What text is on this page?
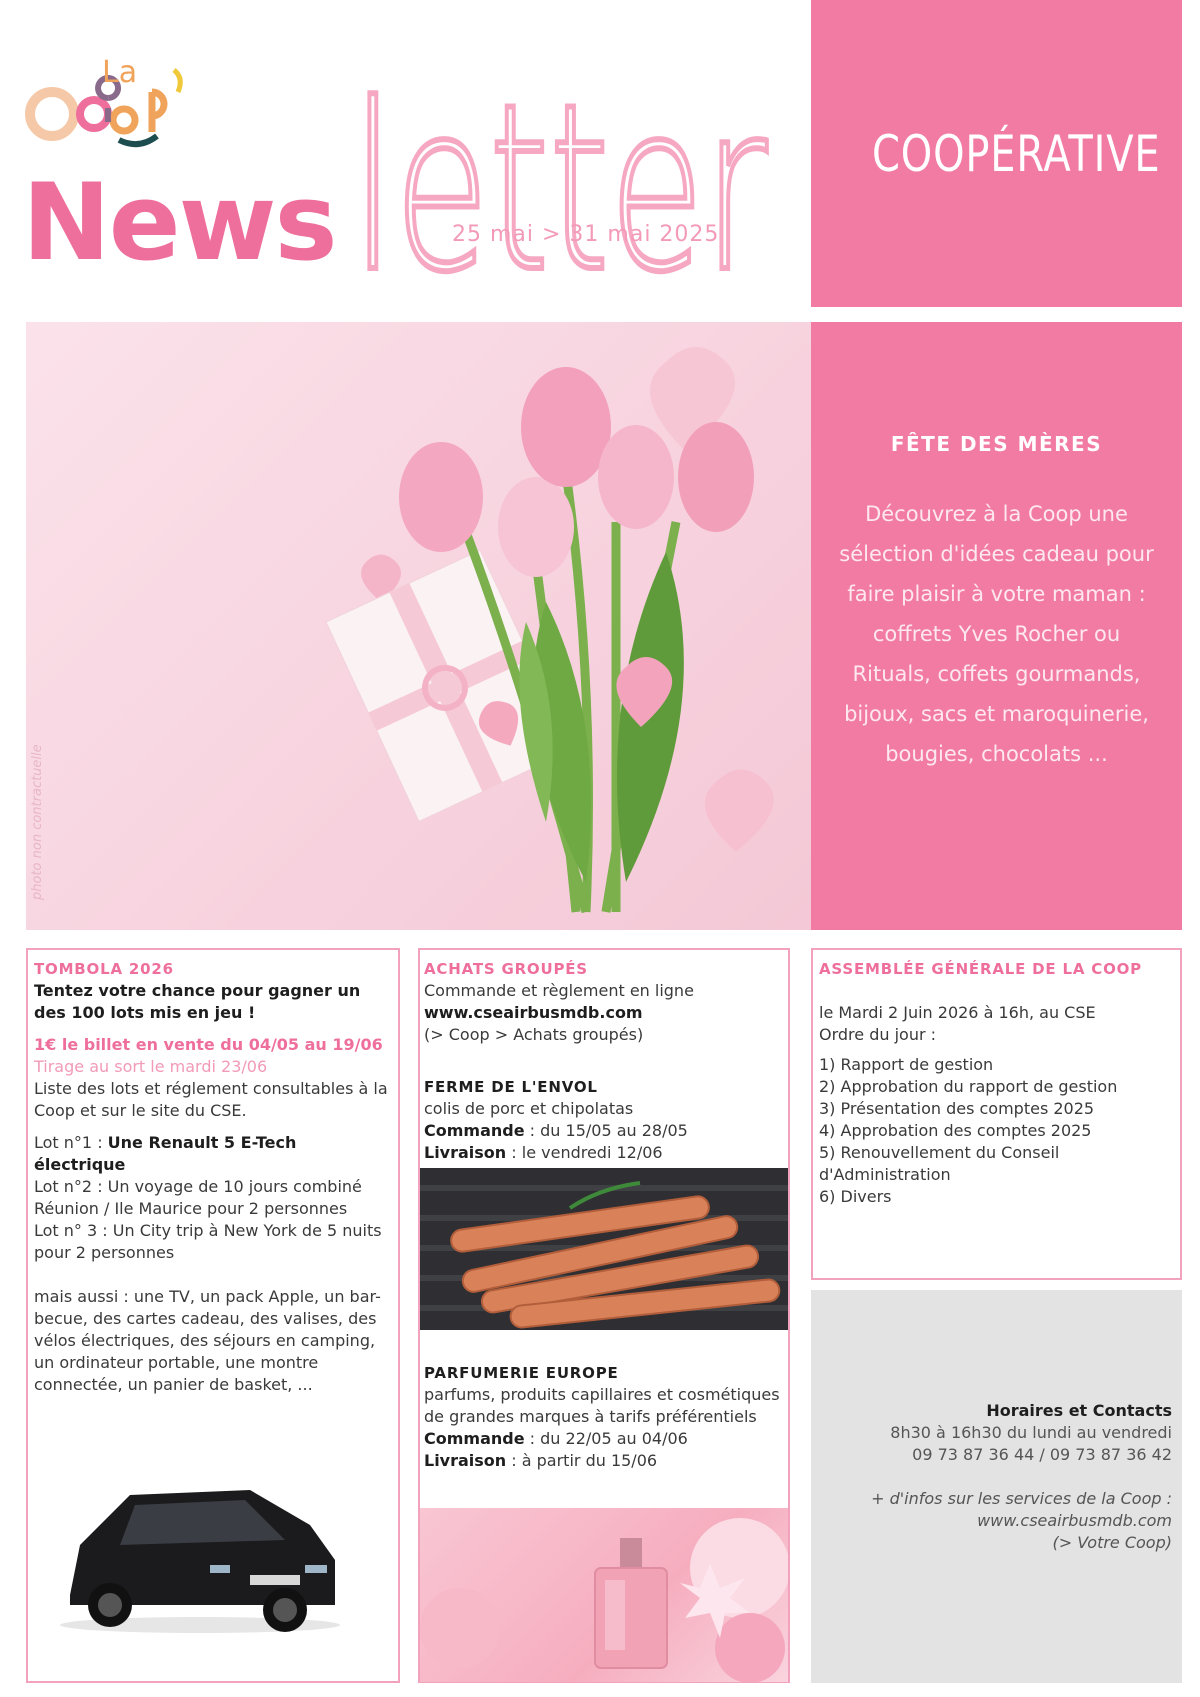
La
News letter
25 mai > 31 mai 2025
COOPÉRATIVE
photo non contractuelle
FÊTE DES MÈRES

Découvrez à la Coop une sélection d'idées cadeau pour faire plaisir à votre maman : coffrets Yves Rocher ou Rituals, coffets gourmands, bijoux, sacs et maroquinerie, bougies, chocolats ...

TOMBOLA 2026
Tentez votre chance pour gagner un des 100 lots mis en jeu !
1€ le billet en vente du 04/05 au 19/06
Tirage au sort le mardi 23/06
Liste des lots et réglement consultables à la Coop et sur le site du CSE.
Lot n°1 : Une Renault 5 E-Tech électrique
Lot n°2 : Un voyage de 10 jours combiné Réunion / Ile Maurice pour 2 personnes
Lot n° 3 : Un City trip à New York de 5 nuits pour 2 personnes
mais aussi : une TV, un pack Apple, un bar-becue, des cartes cadeau, des valises, des vélos électriques, des séjours en camping, un ordinateur portable, une montre connectée, un panier de basket, ...
ACHATS GROUPÉS
Commande et règlement en ligne
www.cseairbusmdb.com
(> Coop > Achats groupés)
FERME DE L'ENVOL
colis de porc et chipolatas
Commande : du 15/05 au 28/05
Livraison : le vendredi 12/06
PARFUMERIE EUROPE
parfums, produits capillaires et cosmétiques de grandes marques à tarifs préférentiels
Commande : du 22/05 au 04/06
Livraison : à partir du 15/06
ASSEMBLÉE GÉNÉRALE DE LA COOP
le Mardi 2 Juin 2026 à 16h, au CSE
Ordre du jour :
1) Rapport de gestion
2) Approbation du rapport de gestion
3) Présentation des comptes 2025
4) Approbation des comptes 2025
5) Renouvellement du Conseil d'Administration
6) Divers
Horaires et Contacts
8h30 à 16h30 du lundi au vendredi
09 73 87 36 44 / 09 73 87 36 42
+ d'infos sur les services de la Coop :
www.cseairbusmdb.com
(> Votre Coop)
